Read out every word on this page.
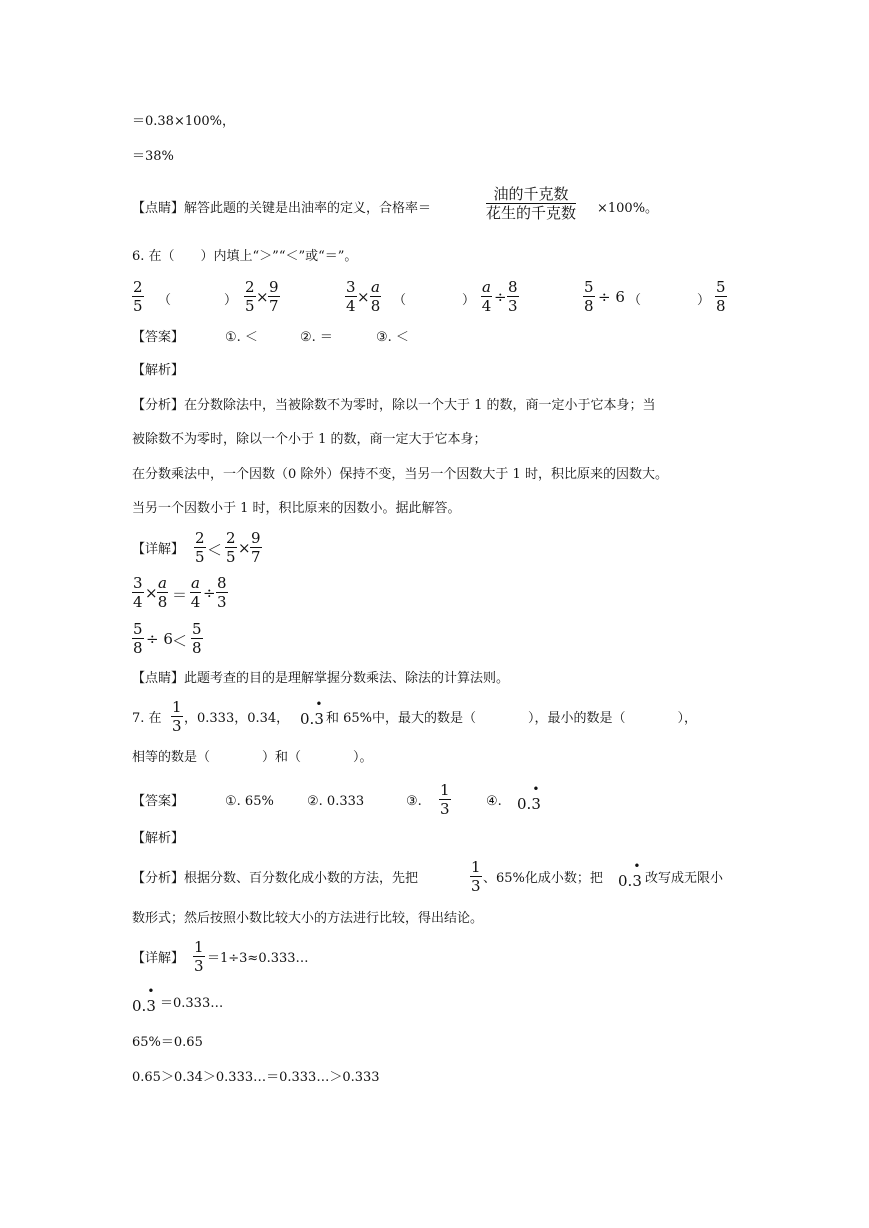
＝0.38×100%，
＝38%
【点睛】解答此题的关键是出油率的定义，合格率＝
油的千克数
花生的千克数 ×100%。
6. 在（　　）内填上“＞”“＜”或“＝”。
$\frac{2}{5}$ （	） $\frac{2}{5} \times \frac{9}{7}$	$\frac{3}{4} \times \frac{a}{8}$ （	） $\frac{a}{4} \div \frac{8}{3}$	$\frac{5}{8} \div 6$ （	） $\frac{5}{8}$
【答案】	①. ＜	②. ＝	③. ＜
【解析】
【分析】在分数除法中，当被除数不为零时，除以一个大于 1 的数，商一定小于它本身；当
被除数不为零时，除以一个小于 1 的数，商一定大于它本身；
在分数乘法中，一个因数（0 除外）保持不变，当另一个因数大于 1 时，积比原来的因数大。
当另一个因数小于 1 时，积比原来的因数小。据此解答。
【详解】 $\frac{2}{5} < \frac{2}{5} \times \frac{9}{7}$
$\frac{3}{4} \times \frac{a}{8} = \frac{a}{4} \div \frac{8}{3}$
$\frac{5}{8} \div 6 < \frac{5}{8}$
【点睛】此题考查的目的是理解掌握分数乘法、除法的计算法则。
7. 在 $\frac{1}{3}$ ，0.333，0.34， 0.
•
3 和 65%中，最大的数是（　　　　），最小的数是（　　　　），
相等的数是（　　　　）和（　　　　）。
【答案】	①. 65%	②. 0.333	③. $\frac{1}{3}$	④. 0.
•
3
【解析】
【分析】根据分数、百分数化成小数的方法，先把	$\frac{1}{3}$ 、65%化成小数；把 0.
•
3 改写成无限小
数形式；然后按照小数比较大小的方法进行比较，得出结论。
【详解】 $\frac{1}{3}$ ＝1÷3≈0.333…
0.
•
3 ＝0.333…
65%＝0.65
0.65＞0.34＞0.333…＝0.333…＞0.333
